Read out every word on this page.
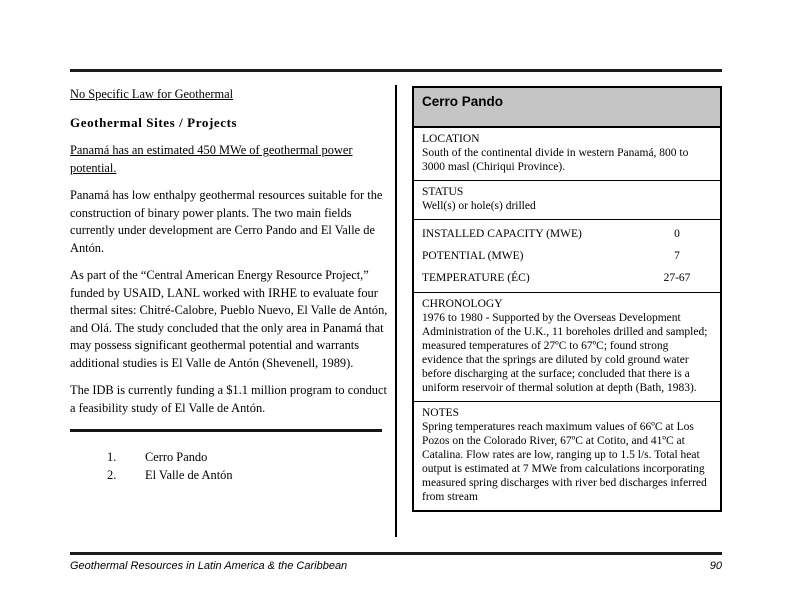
No Specific Law for Geothermal

Geothermal Sites / Projects

Panamá has an estimated 450 MWe of geothermal power potential.

Panamá has low enthalpy geothermal resources suitable for the construction of binary power plants. The two main fields currently under development are Cerro Pando and El Valle de Antón.

As part of the “Central American Energy Resource Project,” funded by USAID, LANL worked with IRHE to evaluate four thermal sites: Chitré-Calobre, Pueblo Nuevo, El Valle de Antón, and Olá. The study concluded that the only area in Panamá that may possess significant geothermal potential and warrants additional studies is El Valle de Antón (Shevenell, 1989).

The IDB is currently funding a $1.1 million program to conduct a feasibility study of El Valle de Antón.

1.	Cerro Pando
2.	El Valle de Antón
Cerro Pando
LOCATION
South of the continental divide in western Panamá, 800 to 3000 masl (Chiriqui Province).
STATUS
Well(s) or hole(s) drilled
INSTALLED CAPACITY (MWE)	0
POTENTIAL (MWE)	7
TEMPERATURE (ÉC)	27-67
CHRONOLOGY
1976 to 1980 - Supported by the Overseas Development Administration of the U.K., 11 boreholes drilled and sampled; measured temperatures of 27ºC to 67ºC; found strong evidence that the springs are diluted by cold ground water before discharging at the surface; concluded that there is a uniform reservoir of thermal solution at depth (Bath, 1983).
NOTES
Spring temperatures reach maximum values of 66ºC at Los Pozos on the Colorado River, 67ºC at Cotito, and 41ºC at Catalina. Flow rates are low, ranging up to 1.5 l/s. Total heat output is estimated at 7 MWe from calculations incorporating measured spring discharges with river bed discharges inferred from stream
Geothermal Resources in Latin America & the Caribbean	90
